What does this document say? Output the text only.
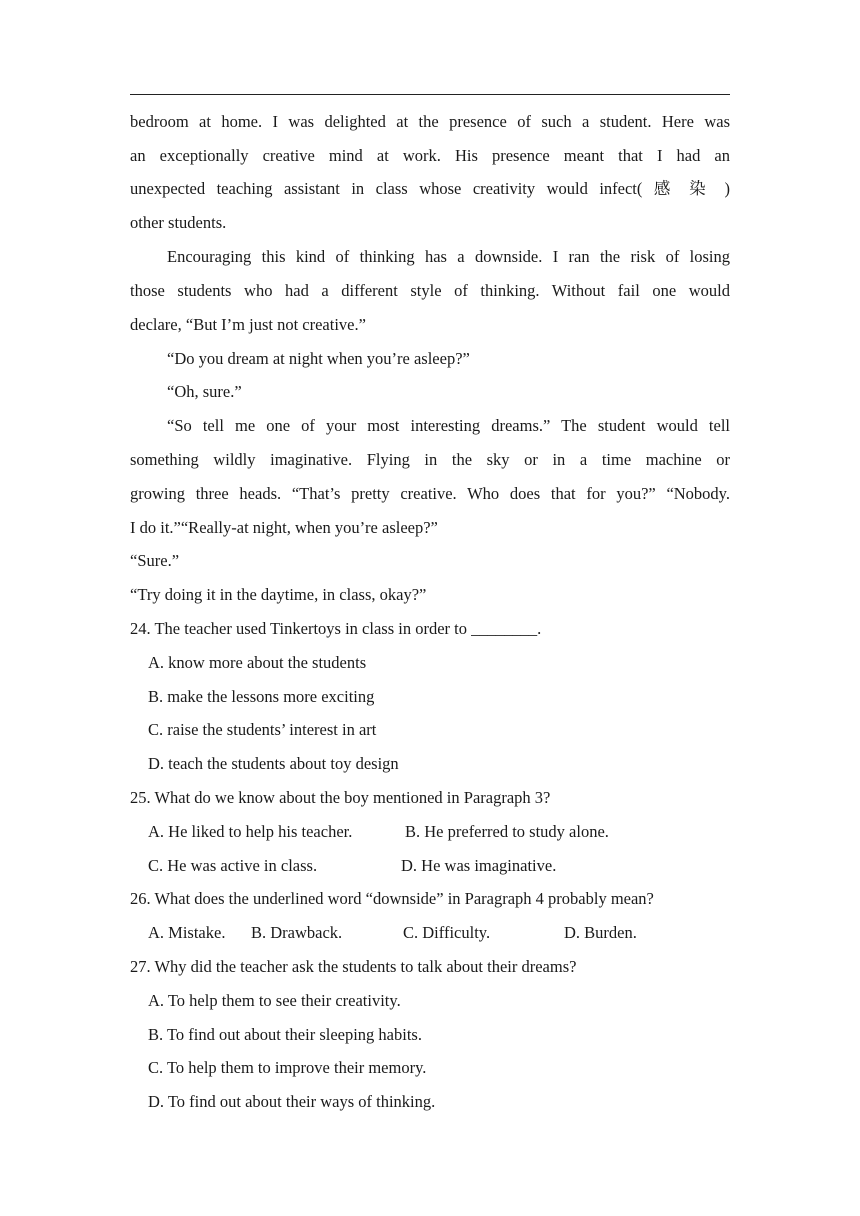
bedroom at home. I was delighted at the presence of such a student. Here was
an exceptionally creative mind at work. His presence meant that I had an
unexpected teaching assistant in class whose creativity would infect( 感 染 )
other students.
Encouraging this kind of thinking has a downside. I ran the risk of losing
those students who had a different style of thinking. Without fail one would
declare, “But I’m just not creative.”
“Do you dream at night when you’re asleep?”
“Oh, sure.”
“So tell me one of your most interesting dreams.” The student would tell
something wildly imaginative. Flying in the sky or in a time machine or
growing three heads. “That’s pretty creative. Who does that for you?” “Nobody.
I do it.”“Really-at night, when you’re asleep?”
“Sure.”
“Try doing it in the daytime, in class, okay?”
24. The teacher used Tinkertoys in class in order to ________.
A. know more about the students
B. make the lessons more exciting
C. raise the students’ interest in art
D. teach the students about toy design
25. What do we know about the boy mentioned in Paragraph 3?
A. He liked to help his teacher.	B. He preferred to study alone.
C. He was active in class.	D. He was imaginative.
26. What does the underlined word “downside” in Paragraph 4 probably mean?
A. Mistake. B. Drawback.	C. Difficulty.	D. Burden.
27. Why did the teacher ask the students to talk about their dreams?
A. To help them to see their creativity.
B. To find out about their sleeping habits.
C. To help them to improve their memory.
D. To find out about their ways of thinking.
